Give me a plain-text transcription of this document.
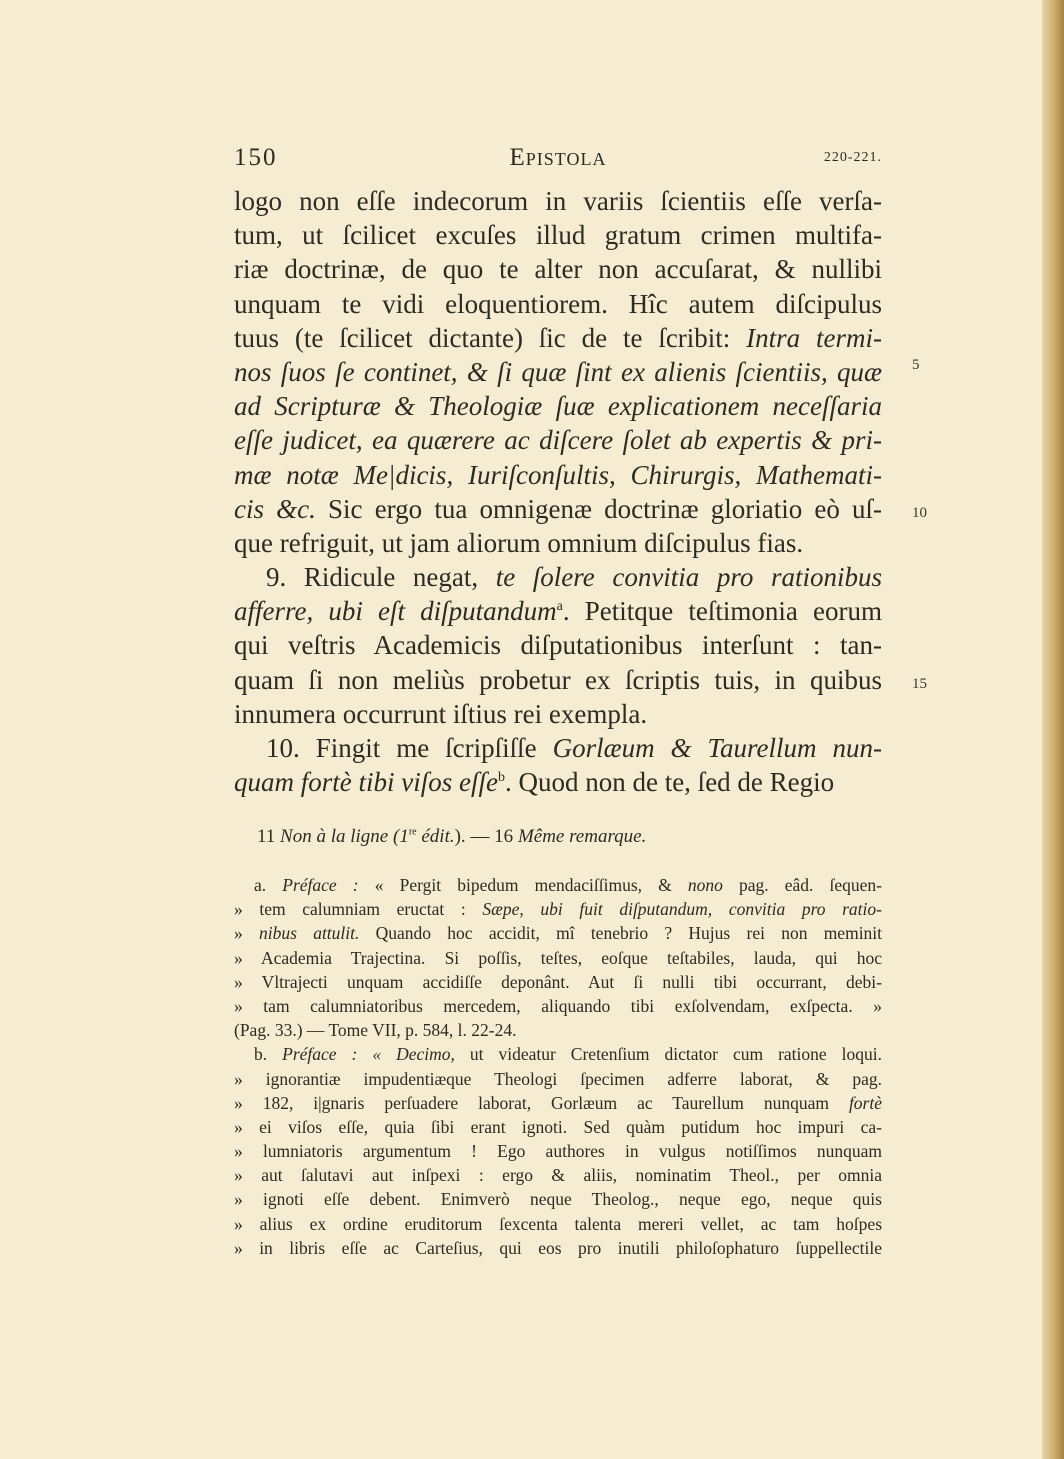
150	Epistola	220-221.
logo non eſſe indecorum in variis ſcientiis eſſe verſa-
tum, ut ſcilicet excuſes illud gratum crimen multifa-
riæ doctrinæ, de quo te alter non accuſarat, & nullibi
unquam te vidi eloquentiorem. Hîc autem diſcipulus
tuus (te ſcilicet dictante) ſic de te ſcribit: Intra termi-
nos ſuos ſe continet, & ſi quæ ſint ex alienis ſcientiis, quæ
ad Scripturæ & Theologiæ ſuæ explicationem neceſſaria
eſſe judicet, ea quærere ac diſcere ſolet ab expertis & pri-
mæ notæ Me|dicis, Iuriſconſultis, Chirurgis, Mathemati-
cis &c. Sic ergo tua omnigenæ doctrinæ gloriatio eò uſ-
que refriguit, ut jam aliorum omnium diſcipulus fias.
9. Ridicule negat, te ſolere convitia pro rationibus
afferre, ubi eſt diſputandum$^a$. Petitque teſtimonia eorum
qui veſtris Academicis diſputationibus interſunt : tan-
quam ſi non meliùs probetur ex ſcriptis tuis, in quibus
innumera occurrunt iſtius rei exempla.
10. Fingit me ſcripſiſſe Gorlæum & Taurellum nun-
quam fortè tibi viſos eſſe$^b$. Quod non de te, ſed de Regio
5
10
15
11 Non à la ligne (1re édit.). — 16 Même remarque.
a. Préface : « Pergit bipedum mendaciſſimus, & nono pag. eâd. ſequen-
» tem calumniam eructat : Sæpe, ubi fuit diſputandum, convitia pro ratio-
» nibus attulit. Quando hoc accidit, mî tenebrio ? Hujus rei non meminit
» Academia Trajectina. Si poſſis, teſtes, eoſque teſtabiles, lauda, qui hoc
» Vltrajecti unquam accidiſſe deponânt. Aut ſi nulli tibi occurrant, debi-
» tam calumniatoribus mercedem, aliquando tibi exſolvendam, exſpecta. »
(Pag. 33.) — Tome VII, p. 584, l. 22-24.
b. Préface : « Decimo, ut videatur Cretenſium dictator cum ratione loqui.
» ignorantiæ impudentiæque Theologi ſpecimen adferre laborat, & pag.
» 182, i|gnaris perſuadere laborat, Gorlæum ac Taurellum nunquam fortè
» ei viſos eſſe, quia ſibi erant ignoti. Sed quàm putidum hoc impuri ca-
» lumniatoris argumentum ! Ego authores in vulgus notiſſimos nunquam
» aut ſalutavi aut inſpexi : ergo & aliis, nominatim Theol., per omnia
» ignoti eſſe debent. Enimverò neque Theolog., neque ego, neque quis
» alius ex ordine eruditorum ſexcenta talenta mereri vellet, ac tam hoſpes
» in libris eſſe ac Carteſius, qui eos pro inutili philoſophaturo ſuppellectile
